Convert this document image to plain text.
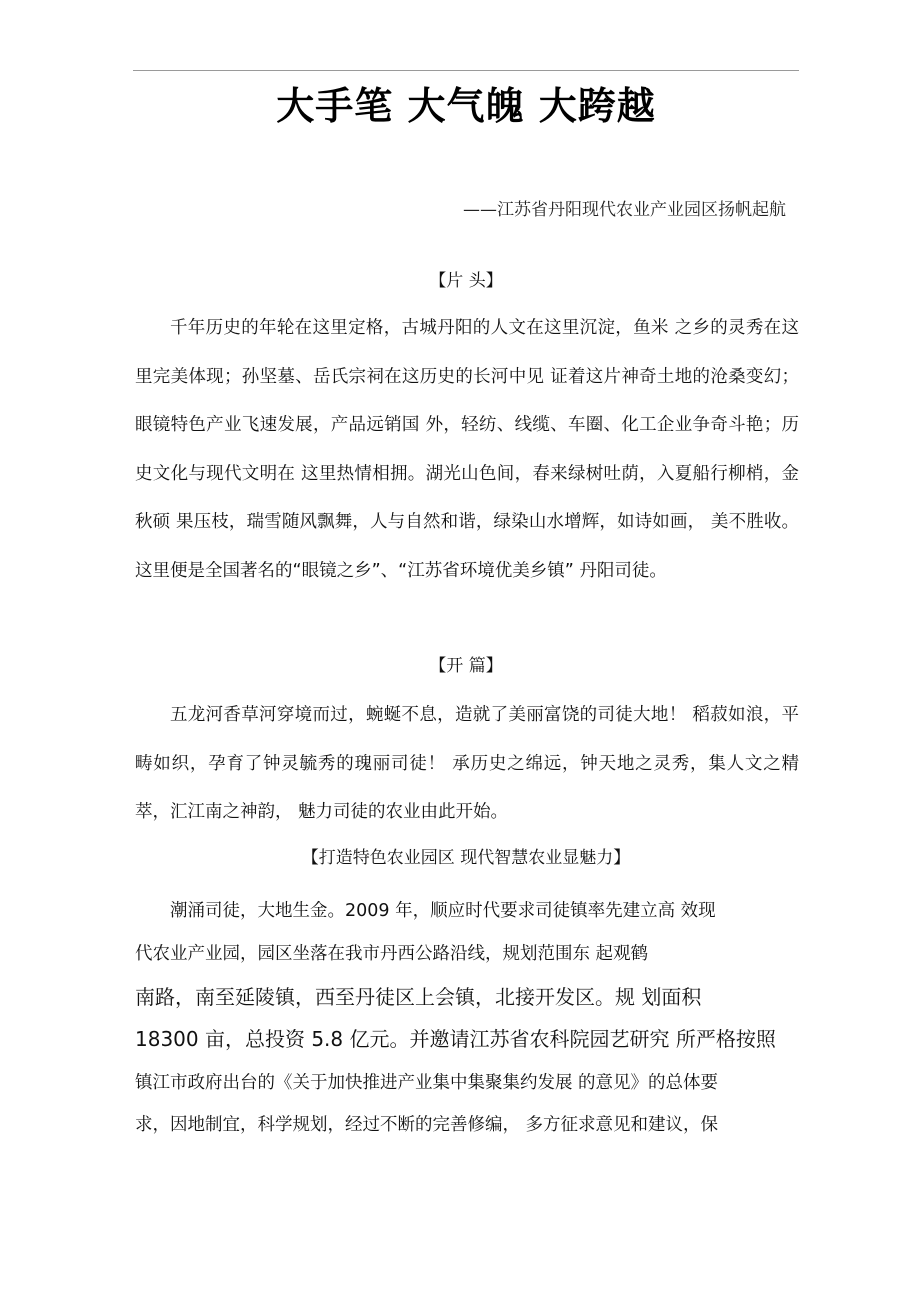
大手笔 大气魄 大跨越
——江苏省丹阳现代农业产业园区扬帆起航
【片 头】

千年历史的年轮在这里定格，古城丹阳的人文在这里沉淀，鱼米 之乡的灵秀在这里完美体现；孙坚墓、岳氏宗祠在这历史的长河中见 证着这片神奇土地的沧桑变幻；眼镜特色产业飞速发展，产品远销国 外，轻纺、线缆、车圈、化工企业争奇斗艳；历史文化与现代文明在 这里热情相拥。湖光山色间，春来绿树吐荫，入夏船行柳梢，金秋硕 果压枝，瑞雪随风飘舞，人与自然和谐，绿染山水增辉，如诗如画， 美不胜收。这里便是全国著名的“眼镜之乡”、“江苏省环境优美乡镇” 丹阳司徒。

【开 篇】

五龙河香草河穿境而过，蜿蜒不息，造就了美丽富饶的司徒大地！ 稻菽如浪，平畴如织，孕育了钟灵毓秀的瑰丽司徒！ 承历史之绵远，钟天地之灵秀，集人文之精萃，汇江南之神韵， 魅力司徒的农业由此开始。

【打造特色农业园区 现代智慧农业显魅力】
潮涌司徒，大地生金。2009 年，顺应时代要求司徒镇率先建立高 效现
代农业产业园，园区坐落在我市丹西公路沿线，规划范围东 起观鹤
南路，南至延陵镇，西至丹徒区上会镇，北接开发区。规 划面积
18300 亩，总投资 5.8 亿元。并邀请江苏省农科院园艺研究 所严格按照
镇江市政府出台的《关于加快推进产业集中集聚集约发展 的意见》的总体要
求，因地制宜，科学规划，经过不断的完善修编， 多方征求意见和建议，保
